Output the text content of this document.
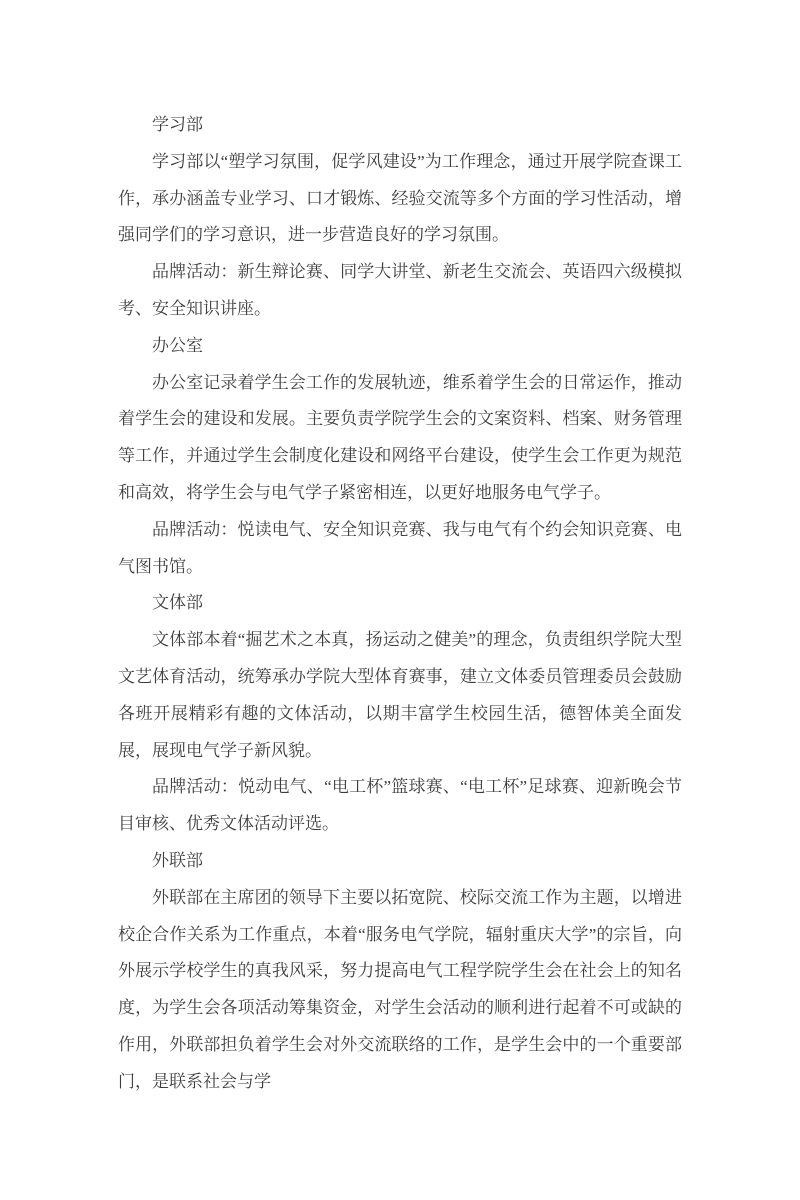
学习部

学习部以“塑学习氛围，促学风建设”为工作理念，通过开展学院查课工作，承办涵盖专业学习、口才锻炼、经验交流等多个方面的学习性活动，增强同学们的学习意识，进一步营造良好的学习氛围。

品牌活动：新生辩论赛、同学大讲堂、新老生交流会、英语四六级模拟考、安全知识讲座。

办公室

办公室记录着学生会工作的发展轨迹，维系着学生会的日常运作，推动着学生会的建设和发展。主要负责学院学生会的文案资料、档案、财务管理等工作，并通过学生会制度化建设和网络平台建设，使学生会工作更为规范和高效，将学生会与电气学子紧密相连，以更好地服务电气学子。

品牌活动：悦读电气、安全知识竞赛、我与电气有个约会知识竞赛、电气图书馆。

文体部

文体部本着“掘艺术之本真，扬运动之健美”的理念，负责组织学院大型文艺体育活动，统筹承办学院大型体育赛事，建立文体委员管理委员会鼓励各班开展精彩有趣的文体活动，以期丰富学生校园生活，德智体美全面发展，展现电气学子新风貌。

品牌活动：悦动电气、“电工杯”篮球赛、“电工杯”足球赛、迎新晚会节目审核、优秀文体活动评选。

外联部

外联部在主席团的领导下主要以拓宽院、校际交流工作为主题，以增进校企合作关系为工作重点，本着“服务电气学院，辐射重庆大学”的宗旨，向外展示学校学生的真我风采，努力提高电气工程学院学生会在社会上的知名度，为学生会各项活动筹集资金，对学生会活动的顺利进行起着不可或缺的作用，外联部担负着学生会对外交流联络的工作，是学生会中的一个重要部门，是联系社会与学
